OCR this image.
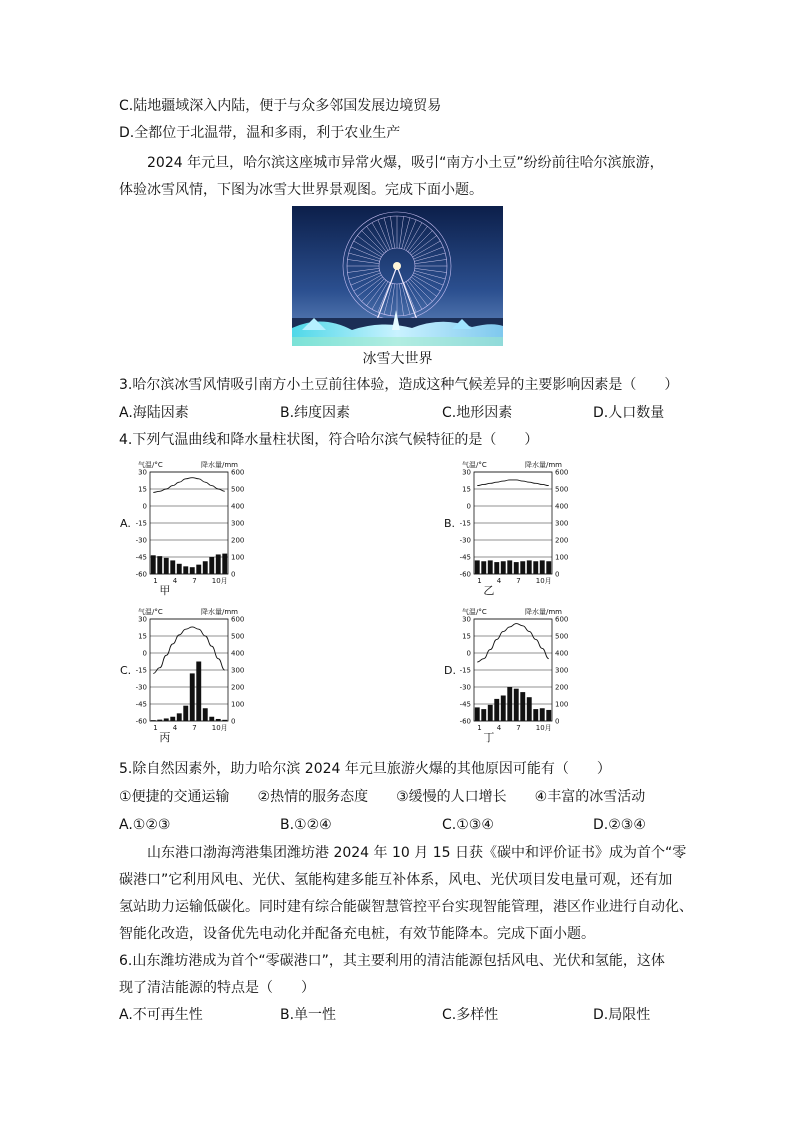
C.陆地疆域深入内陆，便于与众多邻国发展边境贸易
D.全都位于北温带，温和多雨，利于农业生产
2024 年元旦，哈尔滨这座城市异常火爆，吸引“南方小土豆”纷纷前往哈尔滨旅游，
体验冰雪风情，下图为冰雪大世界景观图。完成下面小题。
冰雪大世界
3.哈尔滨冰雪风情吸引南方小土豆前往体验，造成这种气候差异的主要影响因素是（　　）
A.海陆因素	B.纬度因素	C.地形因素	D.人口数量
4.下列气温曲线和降水量柱状图，符合哈尔滨气候特征的是（　　）
A.
气温/°C	降水量/mm
30	600
15	500
0	400
-15	300
-30	200
-45	100
-60	0
1 4 7 10月
甲
B.
气温/°C	降水量/mm
30	600
15	500
0	400
-15	300
-30	200
-45	100
-60	0
1 4 7 10月
乙
C.
气温/°C	降水量/mm
30	600
15	500
0	400
-15	300
-30	200
-45	100
-60	0
1 4 7 10月
丙
D.
气温/°C	降水量/mm
30	600
15	500
0	400
-15	300
-30	200
-45	100
-60	0
1 4 7 10月
丁
5.除自然因素外，助力哈尔滨 2024 年元旦旅游火爆的其他原因可能有（　　）
①便捷的交通运输　　②热情的服务态度　　③缓慢的人口增长　　④丰富的冰雪活动
A.①②③	B.①②④	C.①③④	D.②③④
山东港口渤海湾港集团潍坊港 2024 年 10 月 15 日获《碳中和评价证书》成为首个“零
碳港口”它利用风电、光伏、氢能构建多能互补体系，风电、光伏项目发电量可观，还有加
氢站助力运输低碳化。同时建有综合能碳智慧管控平台实现智能管理，港区作业进行自动化、
智能化改造，设备优先电动化并配备充电桩，有效节能降本。完成下面小题。
6.山东潍坊港成为首个“零碳港口”，其主要利用的清洁能源包括风电、光伏和氢能，这体
现了清洁能源的特点是（　　）
A.不可再生性	B.单一性	C.多样性	D.局限性
